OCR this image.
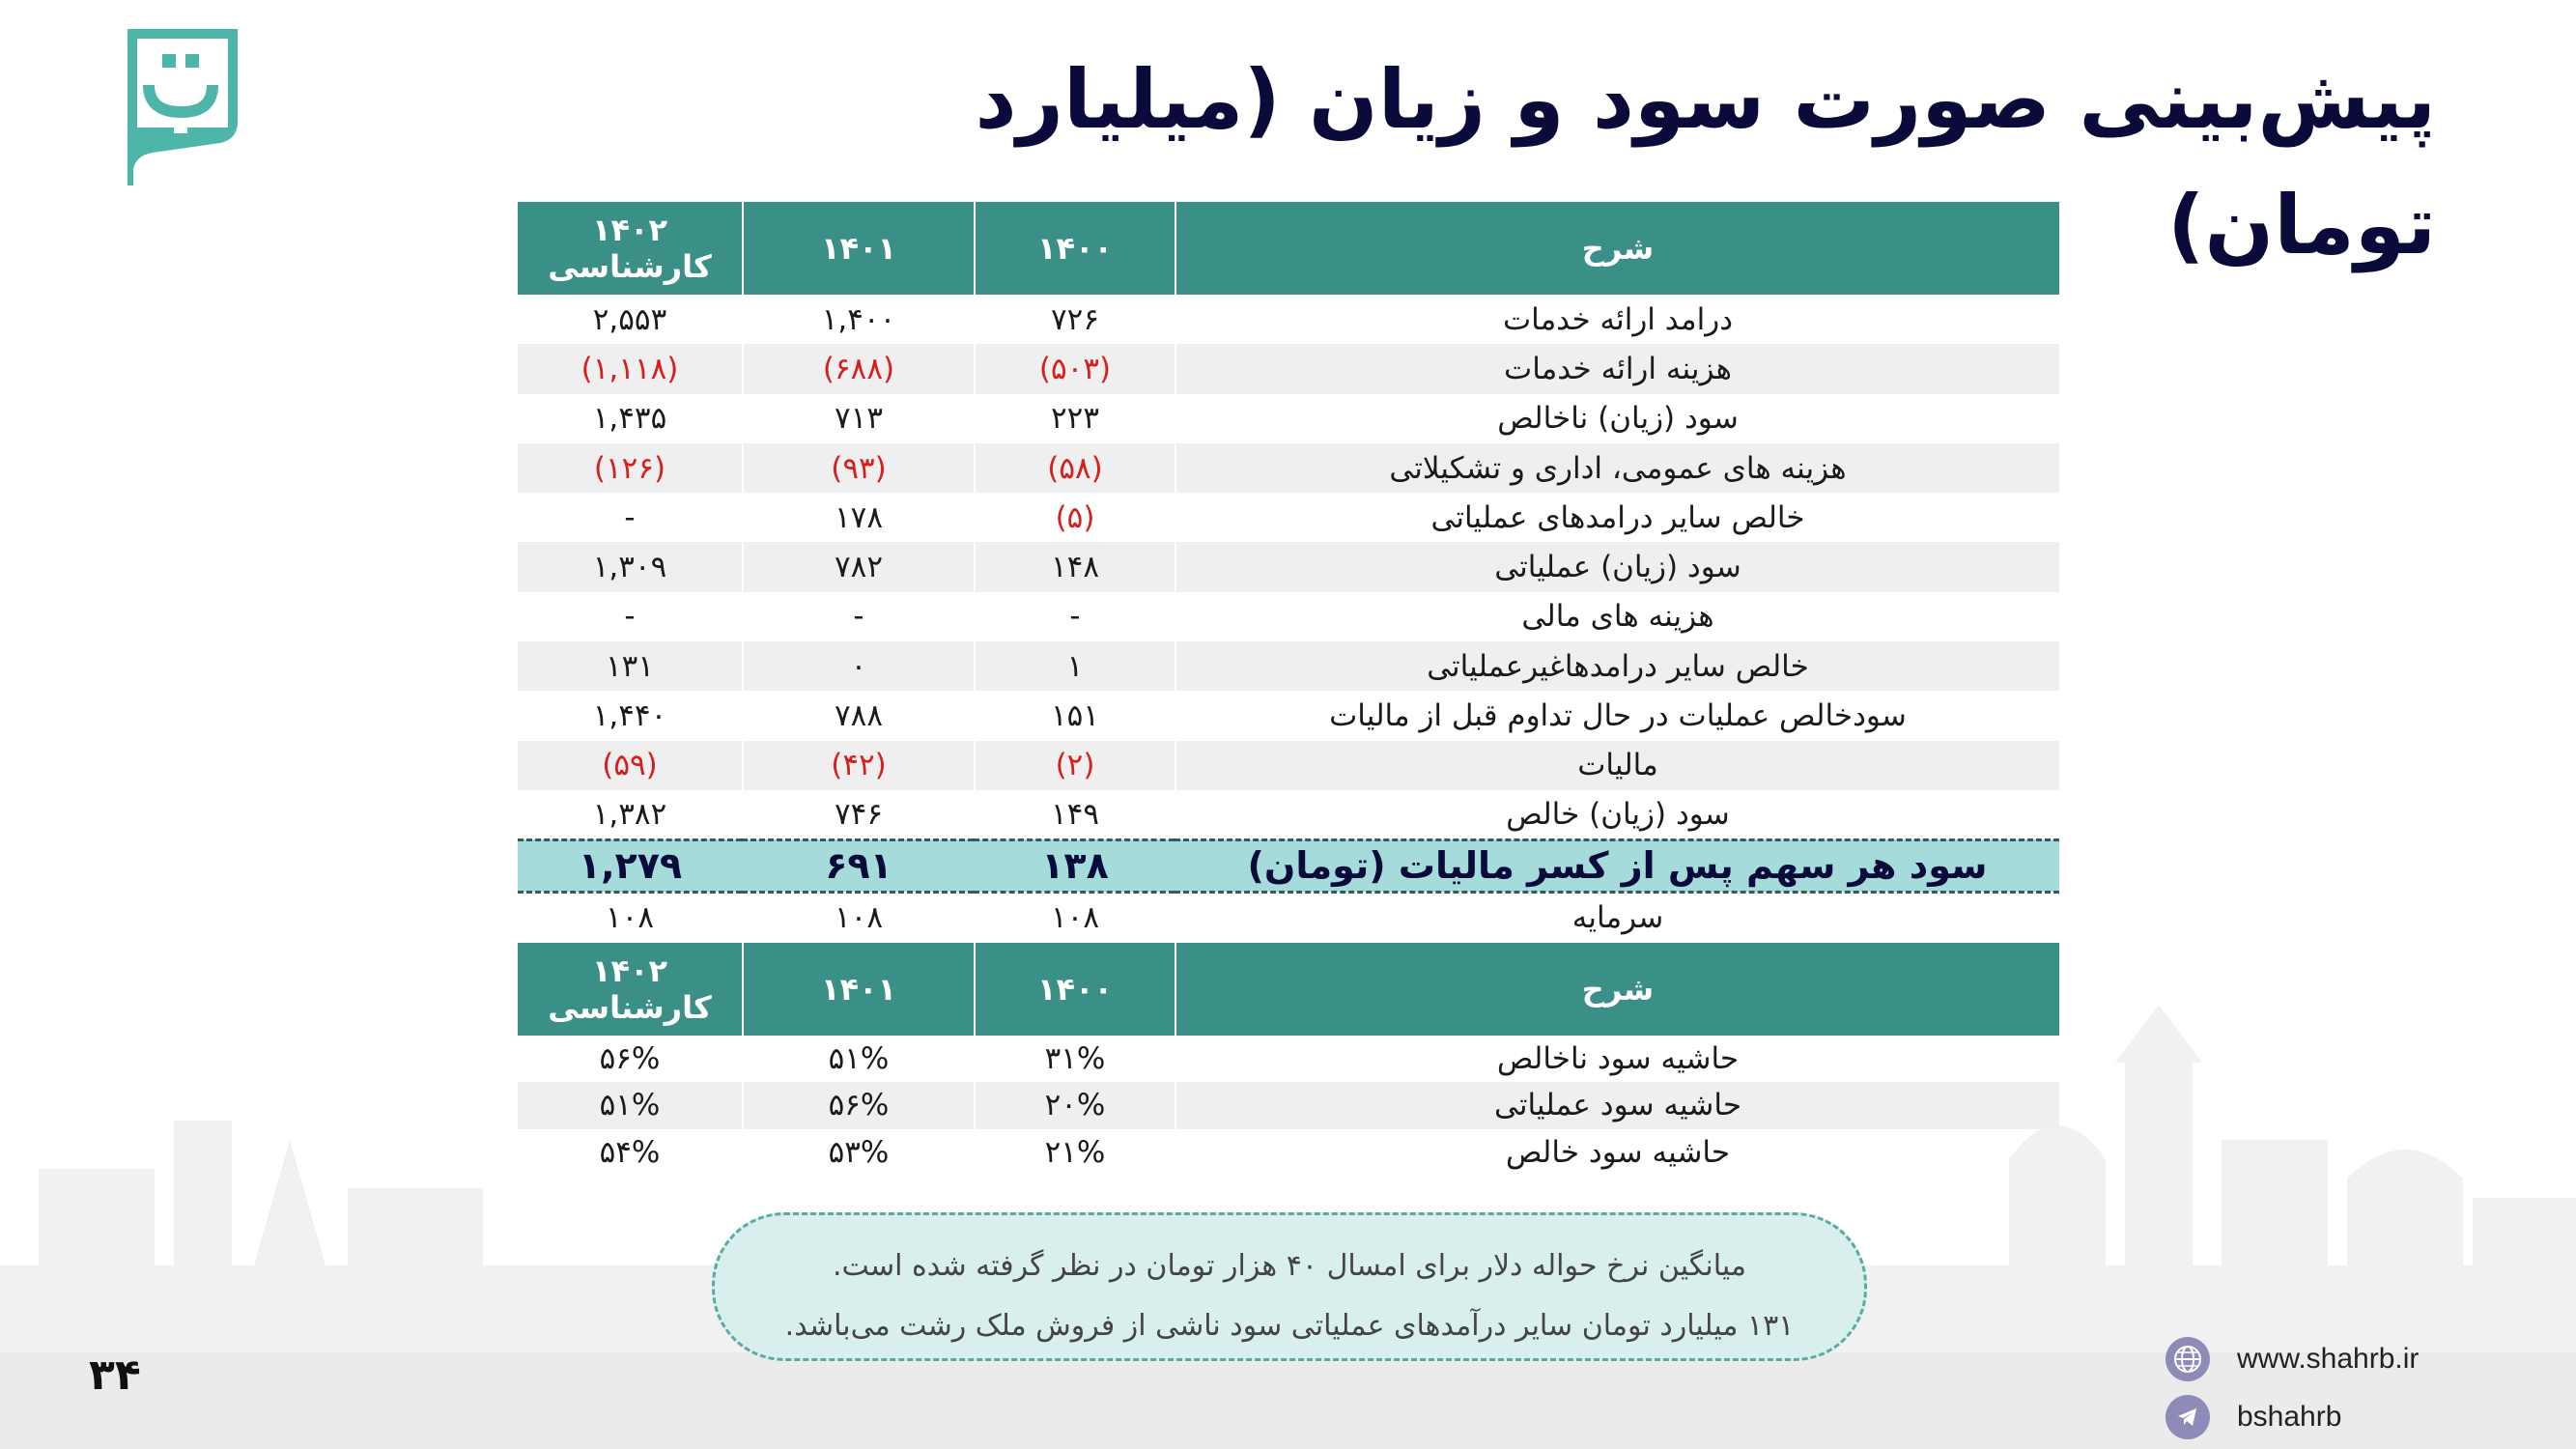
پیش‌بینی صورت سود و زیان (میلیارد تومان)
شرح	۱۴۰۰	۱۴۰۱	۱۴۰۲ کارشناسی
درامد ارائه خدمات	۷۲۶	۱,۴۰۰	۲,۵۵۳
هزینه ارائه خدمات	(۵۰۳)	(۶۸۸)	(۱,۱۱۸)
سود (زیان) ناخالص	۲۲۳	۷۱۳	۱,۴۳۵
هزینه های عمومی، اداری و تشکیلاتی	(۵۸)	(۹۳)	(۱۲۶)
خالص سایر درامدهای عملیاتی	(۵)	۱۷۸	-
سود (زیان) عملیاتی	۱۴۸	۷۸۲	۱,۳۰۹
هزینه های مالی	-	-	-
خالص سایر درامدهاغیرعملیاتی	۱	۰	۱۳۱
سودخالص عملیات در حال تداوم قبل از مالیات	۱۵۱	۷۸۸	۱,۴۴۰
مالیات	(۲)	(۴۲)	(۵۹)
سود (زیان) خالص	۱۴۹	۷۴۶	۱,۳۸۲
سود هر سهم پس از کسر مالیات (تومان)	۱۳۸	۶۹۱	۱,۲۷۹
سرمایه	۱۰۸	۱۰۸	۱۰۸
شرح	۱۴۰۰	۱۴۰۱	۱۴۰۲ کارشناسی
حاشیه سود ناخالص	۳۱%	۵۱%	۵۶%
حاشیه سود عملیاتی	۲۰%	۵۶%	۵۱%
حاشیه سود خالص	۲۱%	۵۳%	۵۴%

میانگین نرخ حواله دلار برای امسال ۴۰ هزار تومان در نظر گرفته شده است.

۱۳۱ میلیارد تومان سایر درآمدهای عملیاتی سود ناشی از فروش ملک رشت می‌باشد.

۳۴	www.shahrb.ir
bshahrb
